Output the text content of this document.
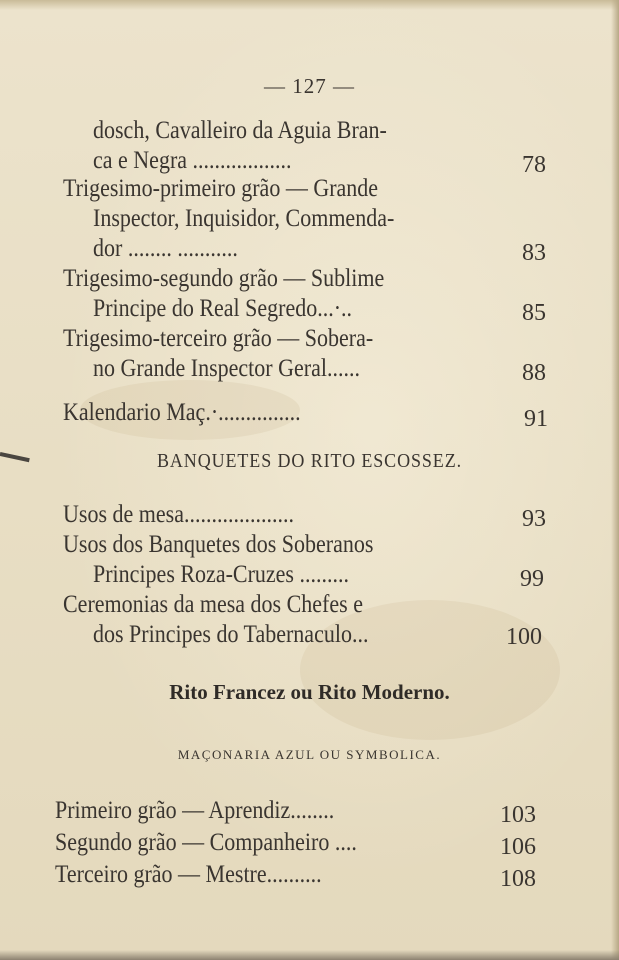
— 127 —
dosch, Cavalleiro da Aguia Bran-
ca e Negra ..................	78
Trigesimo-primeiro grão — Grande
Inspector, Inquisidor, Commenda-
dor ........ ...........	83
Trigesimo-segundo grão — Sublime
Principe do Real Segredo...·..	85
Trigesimo-terceiro grão — Sobera-
no Grande Inspector Geral......	88
Kalendario Maç.·...............	91
BANQUETES DO RITO ESCOSSEZ.
Usos de mesa....................	93
Usos dos Banquetes dos Soberanos
Principes Roza-Cruzes .........	99
Ceremonias da mesa dos Chefes e
dos Principes do Tabernaculo...	100
Rito Francez ou Rito Moderno.
MAÇONARIA AZUL OU SYMBOLICA.
Primeiro grão — Aprendiz........	103
Segundo grão — Companheiro ....	106
Terceiro grão — Mestre..........	108
